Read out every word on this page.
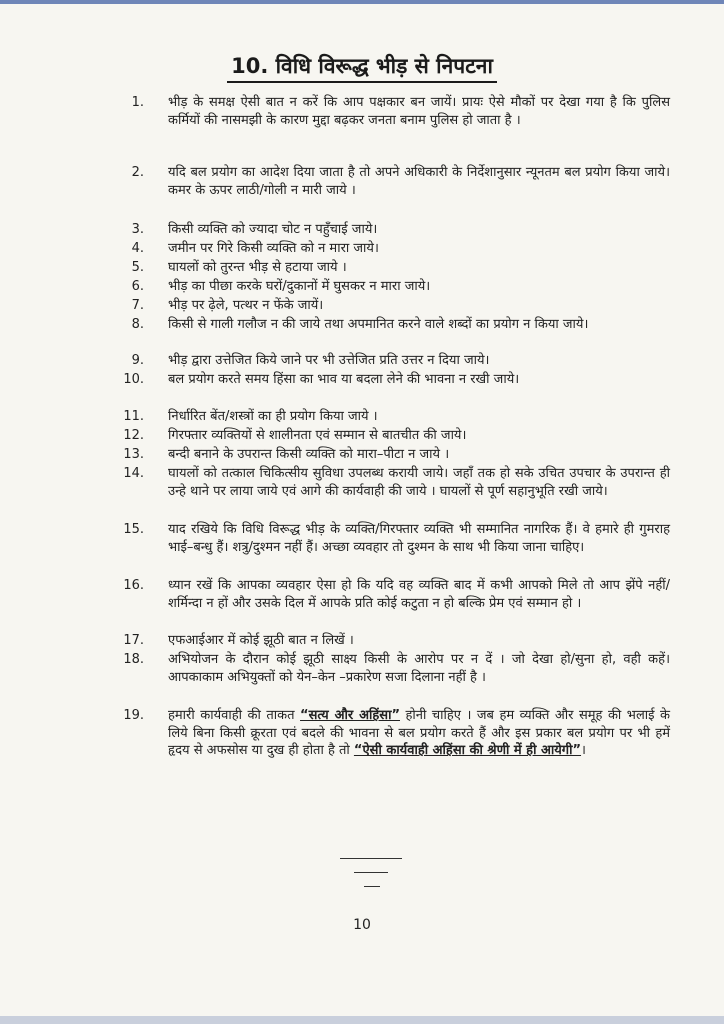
10. विधि विरूद्ध भीड़ से निपटना
1. भीड़ के समक्ष ऐसी बात न करें कि आप पक्षकार बन जायें। प्रायः ऐसे मौकों पर देखा गया है कि पुलिस कर्मियों की नासमझी के कारण मुद्दा बढ़कर जनता बनाम पुलिस हो जाता है ।
2. यदि बल प्रयोग का आदेश दिया जाता है तो अपने अधिकारी के निर्देशानुसार न्यूनतम बल प्रयोग किया जाये। कमर के ऊपर लाठी/गोली न मारी जाये ।
3. किसी व्यक्ति को ज्यादा चोट न पहुँचाई जाये।
4. जमीन पर गिरे किसी व्यक्ति को न मारा जाये।
5. घायलों को तुरन्त भीड़ से हटाया जाये ।
6. भीड़ का पीछा करके घरों/दुकानों में घुसकर न मारा जाये।
7. भीड़ पर ढ़ेले, पत्थर न फेंके जायें।
8. किसी से गाली गलौज न की जाये तथा अपमानित करने वाले शब्दों का प्रयोग न किया जाये।
9. भीड़ द्वारा उत्तेजित किये जाने पर भी उत्तेजित प्रति उत्तर न दिया जाये।
10. बल प्रयोग करते समय हिंसा का भाव या बदला लेने की भावना न रखी जाये।
11. निर्धारित बेंत/शस्त्रों का ही प्रयोग किया जाये ।
12. गिरफ्तार व्यक्तियों से शालीनता एवं सम्मान से बातचीत की जाये।
13. बन्दी बनाने के उपरान्त किसी व्यक्ति को मारा–पीटा न जाये ।
14. घायलों को तत्काल चिकित्सीय सुविधा उपलब्ध करायी जाये। जहाँ तक हो सके उचित उपचार के उपरान्त ही उन्हे थाने पर लाया जाये एवं आगे की कार्यवाही की जाये । घायलों से पूर्ण सहानुभूति रखी जाये।
15. याद रखिये कि विधि विरूद्ध भीड़ के व्यक्ति/गिरफ्तार व्यक्ति भी सम्मानित नागरिक हैं। वे हमारे ही गुमराह भाई–बन्धु हैं। शत्रु/दुश्मन नहीं हैं। अच्छा व्यवहार तो दुश्मन के साथ भी किया जाना चाहिए।
16. ध्यान रखें कि आपका व्यवहार ऐसा हो कि यदि वह व्यक्ति बाद में कभी आपको मिले तो आप झेंपे नहीं/शर्मिन्दा न हों और उसके दिल में आपके प्रति कोई कटुता न हो बल्कि प्रेम एवं सम्मान हो ।
17. एफआईआर में कोई झूठी बात न लिखें ।
18. अभियोजन के दौरान कोई झूठी साक्ष्य किसी के आरोप पर न दें । जो देखा हो/सुना हो, वही कहें। आपकाकाम अभियुक्तों को येन–केन –प्रकारेण सजा दिलाना नहीं है ।
19. हमारी कार्यवाही की ताकत “सत्य और अहिंसा” होनी चाहिए । जब हम व्यक्ति और समूह की भलाई के लिये बिना किसी क्रूरता एवं बदले की भावना से बल प्रयोग करते हैं और इस प्रकार बल प्रयोग पर भी हमें हृदय से अफसोस या दुख ही होता है तो “ऐसी कार्यवाही अहिंसा की श्रेणी में ही आयेगी”।
10
